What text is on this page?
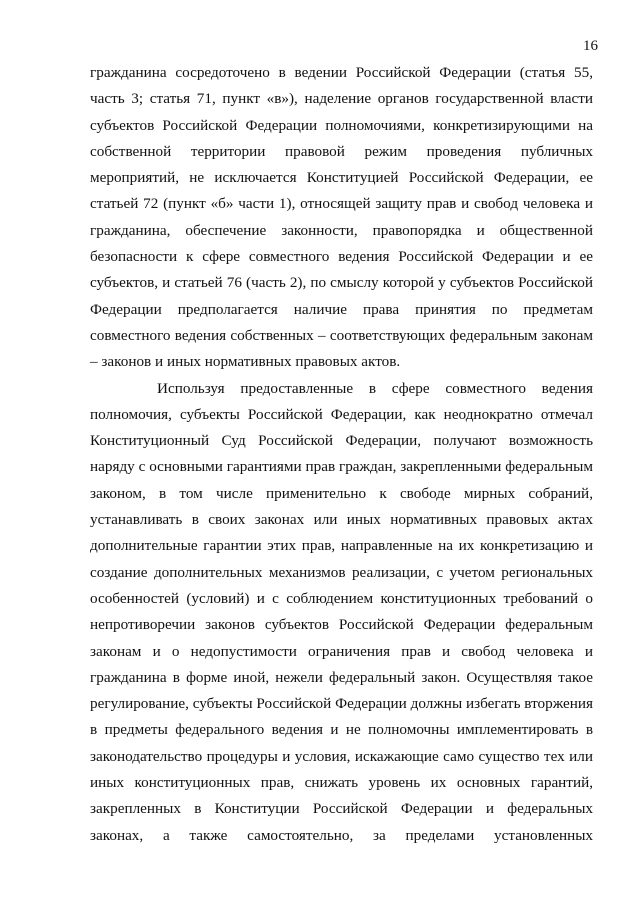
16

гражданина сосредоточено в ведении Российской Федерации (статья 55, часть 3; статья 71, пункт «в»), наделение органов государственной власти субъектов Российской Федерации полномочиями, конкретизирующими на собственной территории правовой режим проведения публичных мероприятий, не исключается Конституцией Российской Федерации, ее статьей 72 (пункт «б» части 1), относящей защиту прав и свобод человека и гражданина, обеспечение законности, правопорядка и общественной безопасности к сфере совместного ведения Российской Федерации и ее субъектов, и статьей 76 (часть 2), по смыслу которой у субъектов Российской Федерации предполагается наличие права принятия по предметам совместного ведения собственных – соответствующих федеральным законам – законов и иных нормативных правовых актов.

Используя предоставленные в сфере совместного ведения полномочия, субъекты Российской Федерации, как неоднократно отмечал Конституционный Суд Российской Федерации, получают возможность наряду с основными гарантиями прав граждан, закрепленными федеральным законом, в том числе применительно к свободе мирных собраний, устанавливать в своих законах или иных нормативных правовых актах дополнительные гарантии этих прав, направленные на их конкретизацию и создание дополнительных механизмов реализации, с учетом региональных особенностей (условий) и с соблюдением конституционных требований о непротиворечии законов субъектов Российской Федерации федеральным законам и о недопустимости ограничения прав и свобод человека и гражданина в форме иной, нежели федеральный закон. Осуществляя такое регулирование, субъекты Российской Федерации должны избегать вторжения в предметы федерального ведения и не полномочны имплементировать в законодательство процедуры и условия, искажающие само существо тех или иных конституционных прав, снижать уровень их основных гарантий, закрепленных в Конституции Российской Федерации и федеральных законах, а также самостоятельно, за пределами установленных
